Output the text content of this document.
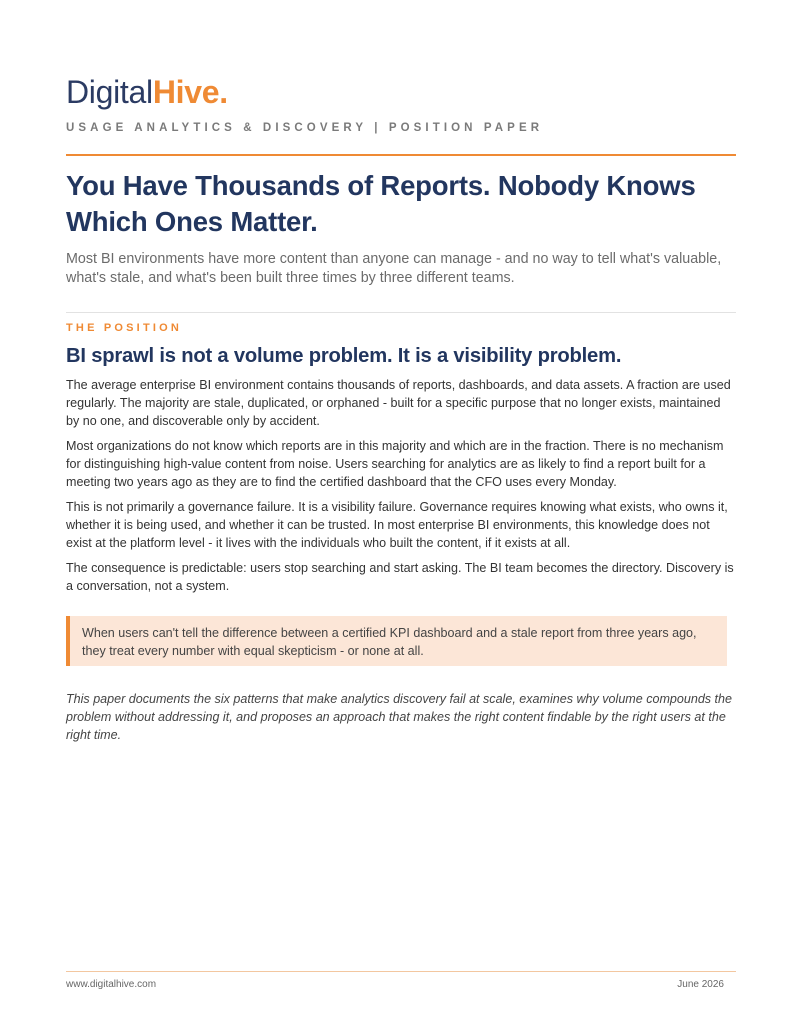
DigitalHive.
USAGE ANALYTICS & DISCOVERY | POSITION PAPER
You Have Thousands of Reports. Nobody Knows Which Ones Matter.

Most BI environments have more content than anyone can manage - and no way to tell what's valuable, what's stale, and what's been built three times by three different teams.

THE POSITION
BI sprawl is not a volume problem. It is a visibility problem.

The average enterprise BI environment contains thousands of reports, dashboards, and data assets. A fraction are used regularly. The majority are stale, duplicated, or orphaned - built for a specific purpose that no longer exists, maintained by no one, and discoverable only by accident.

Most organizations do not know which reports are in this majority and which are in the fraction. There is no mechanism for distinguishing high-value content from noise. Users searching for analytics are as likely to find a report built for a meeting two years ago as they are to find the certified dashboard that the CFO uses every Monday.

This is not primarily a governance failure. It is a visibility failure. Governance requires knowing what exists, who owns it, whether it is being used, and whether it can be trusted. In most enterprise BI environments, this knowledge does not exist at the platform level - it lives with the individuals who built the content, if it exists at all.

The consequence is predictable: users stop searching and start asking. The BI team becomes the directory. Discovery is a conversation, not a system.

When users can't tell the difference between a certified KPI dashboard and a stale report from three years ago, they treat every number with equal skepticism - or none at all.

This paper documents the six patterns that make analytics discovery fail at scale, examines why volume compounds the problem without addressing it, and proposes an approach that makes the right content findable by the right users at the right time.

www.digitalhive.com	June 2026
